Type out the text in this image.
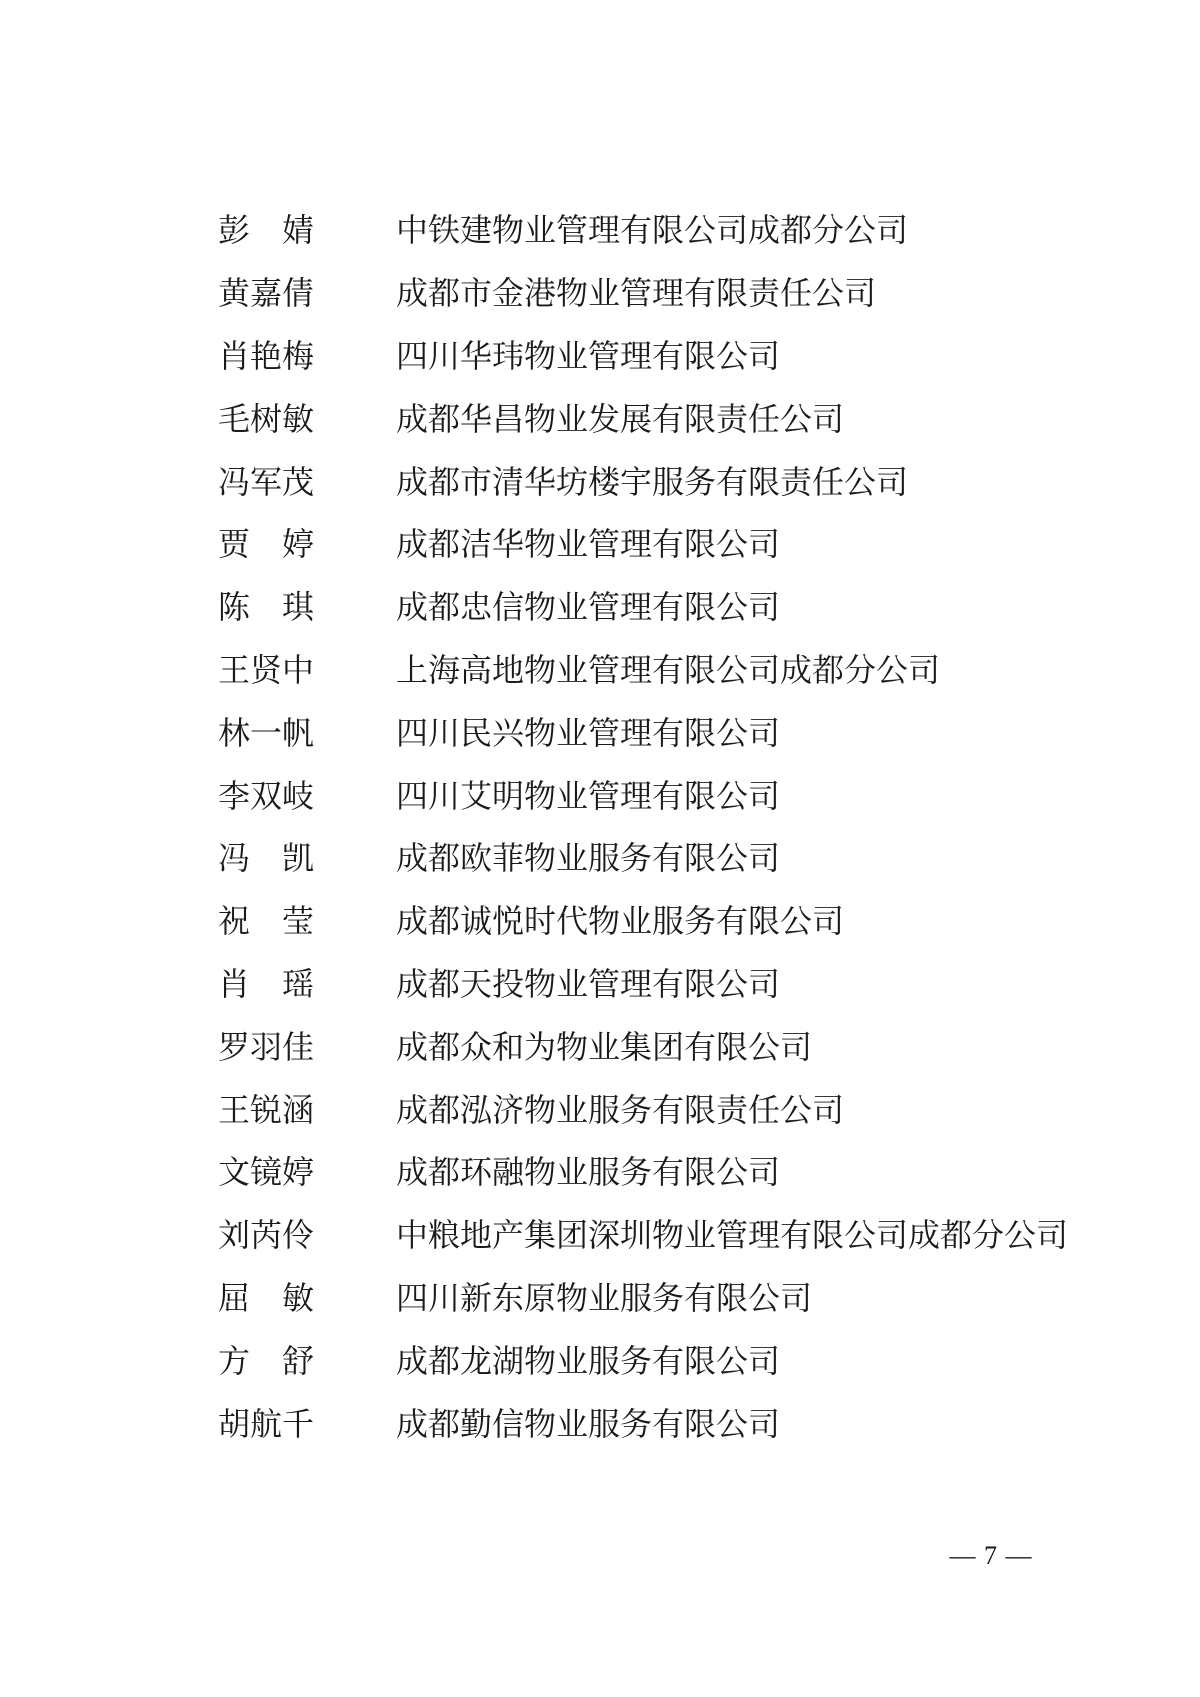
彭 婧	中铁建物业管理有限公司成都分公司
黄 嘉 倩	成都市金港物业管理有限责任公司
肖 艳 梅	四川华玮物业管理有限公司
毛 树 敏	成都华昌物业发展有限责任公司
冯 军 茂	成都市清华坊楼宇服务有限责任公司
贾 婷	成都洁华物业管理有限公司
陈 琪	成都忠信物业管理有限公司
王 贤 中	上海高地物业管理有限公司成都分公司
林 一 帆	四川民兴物业管理有限公司
李 双 岐	四川艾明物业管理有限公司
冯 凯	成都欧菲物业服务有限公司
祝 莹	成都诚悦时代物业服务有限公司
肖 瑶	成都天投物业管理有限公司
罗 羽 佳	成都众和为物业集团有限公司
王 锐 涵	成都泓济物业服务有限责任公司
文 镜 婷	成都环融物业服务有限公司
刘 芮 伶	中粮地产集团深圳物业管理有限公司成都分公司
屈 敏	四川新东原物业服务有限公司
方 舒	成都龙湖物业服务有限公司
胡 航 千	成都勤信物业服务有限公司
— 7 —
